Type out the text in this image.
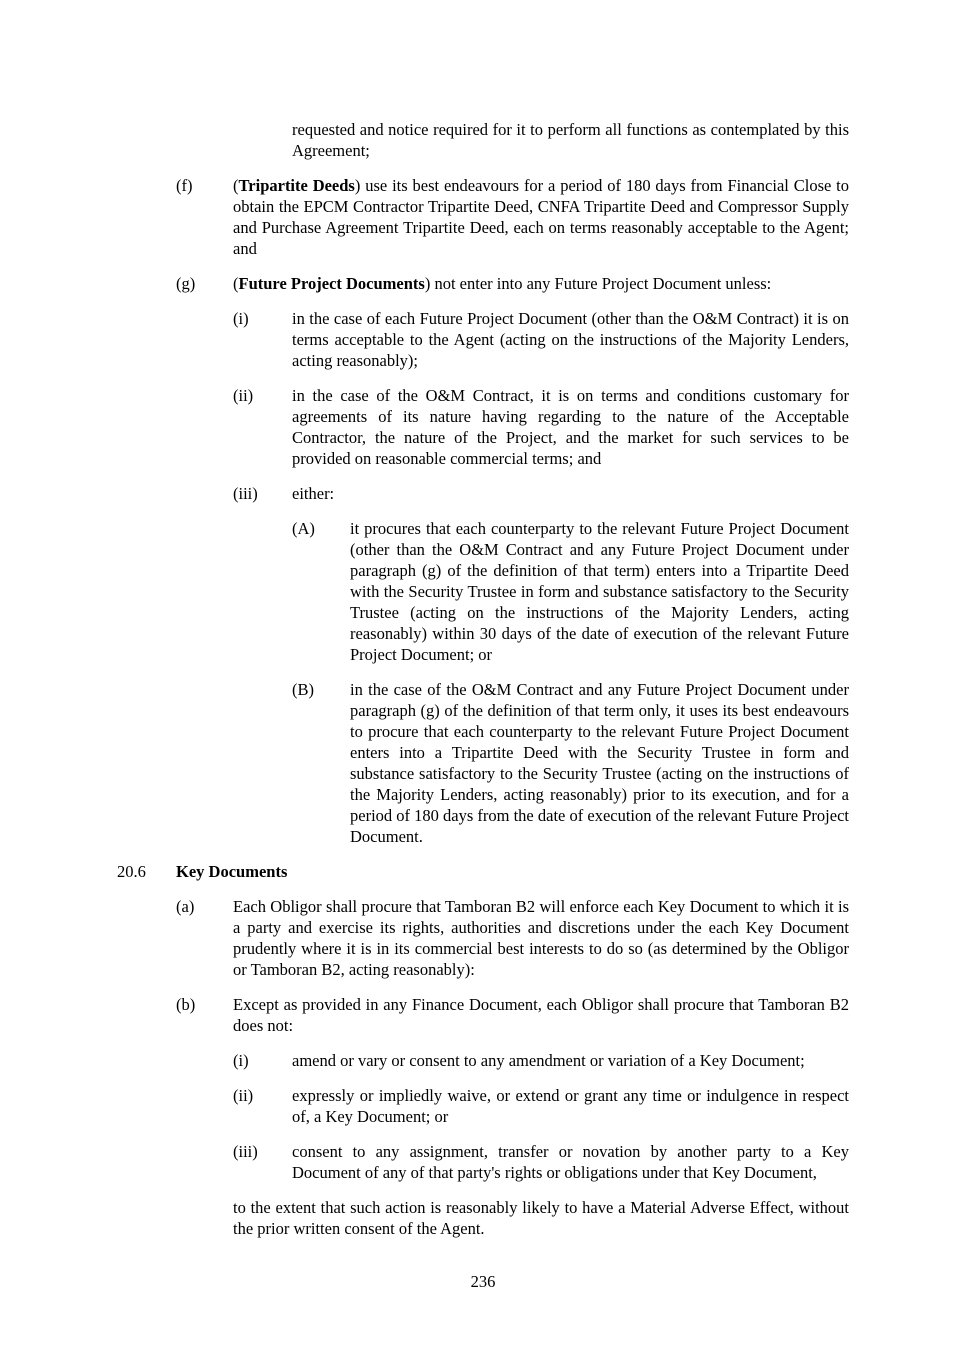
requested and notice required for it to perform all functions as contemplated by this Agreement;

(f)	(Tripartite Deeds) use its best endeavours for a period of 180 days from Financial Close to obtain the EPCM Contractor Tripartite Deed, CNFA Tripartite Deed and Compressor Supply and Purchase Agreement Tripartite Deed, each on terms reasonably acceptable to the Agent; and

(g)	(Future Project Documents) not enter into any Future Project Document unless:

(i)	in the case of each Future Project Document (other than the O&M Contract) it is on terms acceptable to the Agent (acting on the instructions of the Majority Lenders, acting reasonably);

(ii)	in the case of the O&M Contract, it is on terms and conditions customary for agreements of its nature having regarding to the nature of the Acceptable Contractor, the nature of the Project, and the market for such services to be provided on reasonable commercial terms; and

(iii)	either:

(A)	it procures that each counterparty to the relevant Future Project Document (other than the O&M Contract and any Future Project Document under paragraph (g) of the definition of that term) enters into a Tripartite Deed with the Security Trustee in form and substance satisfactory to the Security Trustee (acting on the instructions of the Majority Lenders, acting reasonably) within 30 days of the date of execution of the relevant Future Project Document; or

(B)	in the case of the O&M Contract and any Future Project Document under paragraph (g) of the definition of that term only, it uses its best endeavours to procure that each counterparty to the relevant Future Project Document enters into a Tripartite Deed with the Security Trustee in form and substance satisfactory to the Security Trustee (acting on the instructions of the Majority Lenders, acting reasonably) prior to its execution, and for a period of 180 days from the date of execution of the relevant Future Project Document.

20.6	Key Documents

(a)	Each Obligor shall procure that Tamboran B2 will enforce each Key Document to which it is a party and exercise its rights, authorities and discretions under the each Key Document prudently where it is in its commercial best interests to do so (as determined by the Obligor or Tamboran B2, acting reasonably):

(b)	Except as provided in any Finance Document, each Obligor shall procure that Tamboran B2 does not:

(i)	amend or vary or consent to any amendment or variation of a Key Document;

(ii)	expressly or impliedly waive, or extend or grant any time or indulgence in respect of, a Key Document; or

(iii)	consent to any assignment, transfer or novation by another party to a Key Document of any of that party's rights or obligations under that Key Document,

to the extent that such action is reasonably likely to have a Material Adverse Effect, without the prior written consent of the Agent.

236
